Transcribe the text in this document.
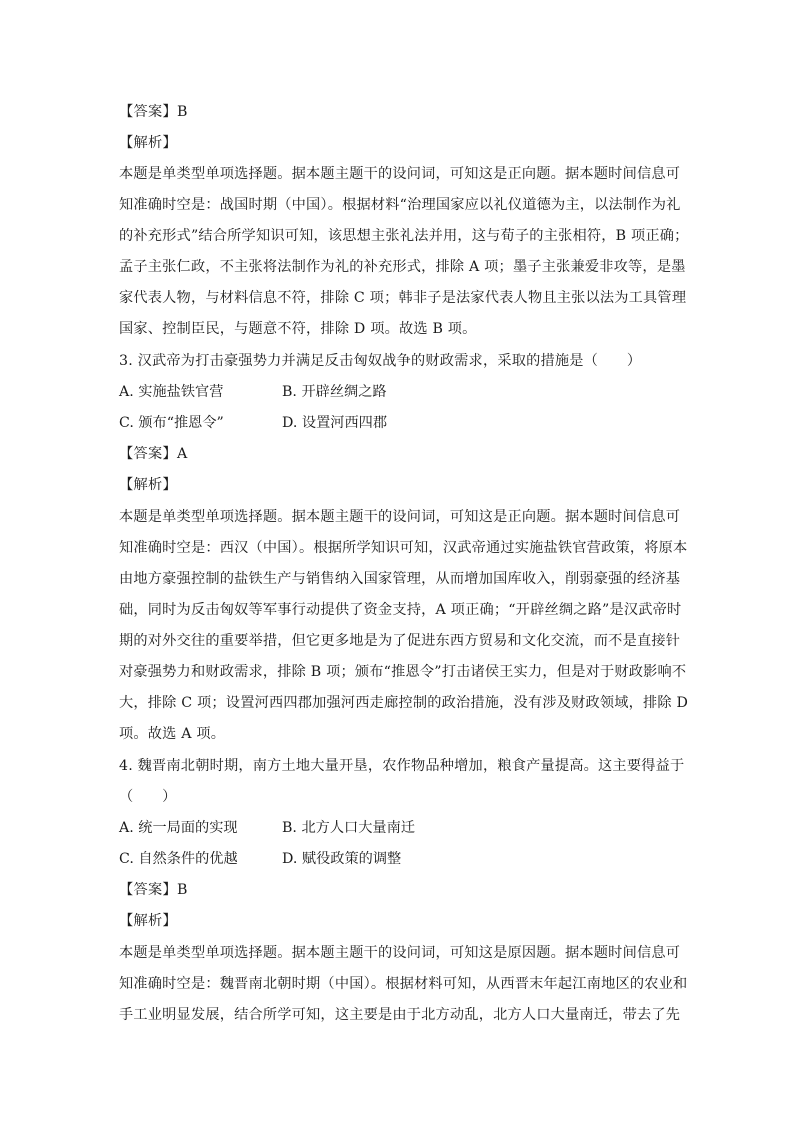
【答案】B
【解析】
本题是单类型单项选择题。据本题主题干的设问词，可知这是正向题。据本题时间信息可
知准确时空是：战国时期（中国）。根据材料“治理国家应以礼仪道德为主，以法制作为礼
的补充形式”结合所学知识可知，该思想主张礼法并用，这与荀子的主张相符，B 项正确；
孟子主张仁政，不主张将法制作为礼的补充形式，排除 A 项；墨子主张兼爱非攻等，是墨
家代表人物，与材料信息不符，排除 C 项；韩非子是法家代表人物且主张以法为工具管理
国家、控制臣民，与题意不符，排除 D 项。故选 B 项。
3. 汉武帝为打击豪强势力并满足反击匈奴战争的财政需求，采取的措施是（　　）
A. 实施盐铁官营	B. 开辟丝绸之路
C. 颁布“推恩令”	D. 设置河西四郡
【答案】A
【解析】
本题是单类型单项选择题。据本题主题干的设问词，可知这是正向题。据本题时间信息可
知准确时空是：西汉（中国）。根据所学知识可知，汉武帝通过实施盐铁官营政策，将原本
由地方豪强控制的盐铁生产与销售纳入国家管理，从而增加国库收入，削弱豪强的经济基
础，同时为反击匈奴等军事行动提供了资金支持，A 项正确；“开辟丝绸之路”是汉武帝时
期的对外交往的重要举措，但它更多地是为了促进东西方贸易和文化交流，而不是直接针
对豪强势力和财政需求，排除 B 项；颁布“推恩令”打击诸侯王实力，但是对于财政影响不
大，排除 C 项；设置河西四郡加强河西走廊控制的政治措施，没有涉及财政领域，排除 D
项。故选 A 项。
4. 魏晋南北朝时期，南方土地大量开垦，农作物品种增加，粮食产量提高。这主要得益于
（　　）
A. 统一局面的实现	B. 北方人口大量南迁
C. 自然条件的优越	D. 赋役政策的调整
【答案】B
【解析】
本题是单类型单项选择题。据本题主题干的设问词，可知这是原因题。据本题时间信息可
知准确时空是：魏晋南北朝时期（中国）。根据材料可知，从西晋末年起江南地区的农业和
手工业明显发展，结合所学可知，这主要是由于北方动乱，北方人口大量南迁，带去了先
